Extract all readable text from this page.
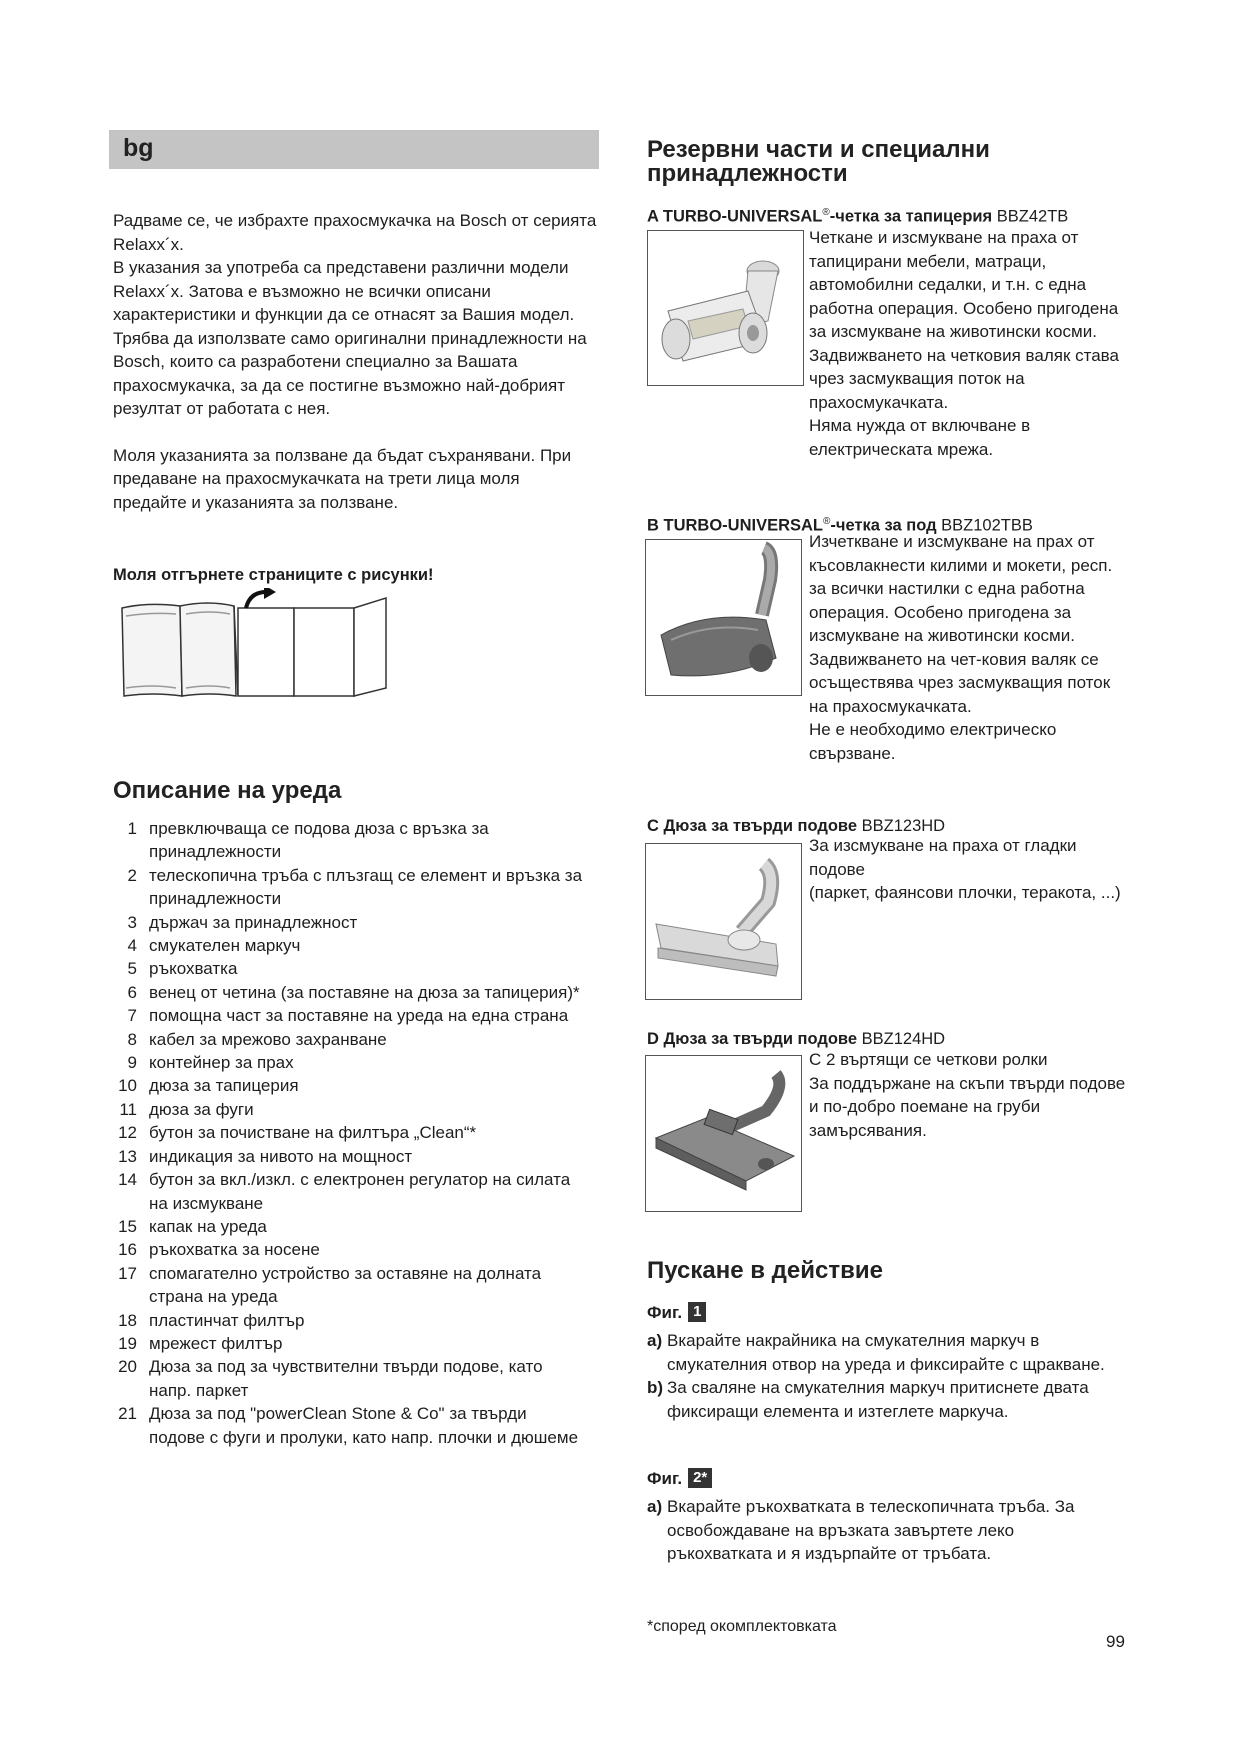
bg

Радваме се, че избрахте прахосмукачка на Bosch от серията Relaxx´x.

В указания за употреба са представени различни модели Relaxx´x. Затова е възможно не всички описани характеристики и функции да се отнасят за Вашия модел. Трябва да използвате само оригинални принадлежности на Bosch, които са разработени специално за Вашата прахосмукачка, за да се постигне възможно най-добрият резултат от работата с нея.

Моля указанията за ползване да бъдат съхранявани. При предаване на прахосмукачката на трети лица моля предайте и указанията за ползване.

Моля отгърнете страниците с рисунки!
Описание на уреда
1 превключваща се подова дюза с връзка за принадлежности
2 телескопична тръба с плъзгащ се елемент и връзка за принадлежности
3 държач за принадлежност
4 смукателен маркуч
5 ръкохватка
6 венец от четина (за поставяне на дюза за тапицерия)*
7 помощна част за поставяне на уреда на една страна
8 кабел за мрежово захранване
9 контейнер за прах
10 дюза за тапицерия
11 дюза за фуги
12 бутон за почистване на филтъра „Clean“*
13 индикация за нивото на мощност
14 бутон за вкл./изкл. с електронен регулатор на силата на изсмукване
15 капак на уреда
16 ръкохватка за носене
17 спомагателно устройство за оставяне на долната страна на уреда
18 пластинчат филтър
19 мрежест филтър
20 Дюза за под за чувствителни твърди подове, като напр. паркет
21 Дюза за под "powerClean Stone & Co" за твърди подове с фуги и пролуки, като напр. плочки и дюшеме
Резервни части и специални
принадлежности
A TURBO-UNIVERSAL®-четка за тапицерия BBZ42TB

Четкане и изсмукване на праха от тапицирани мебели, матраци, автомобилни седалки, и т.н. с една работна операция. Особено пригодена за изсмукване на животински косми. Задвижването на четковия валяк става чрез засмукващия поток на прахосмукачката.

Няма нужда от включване в електрическата мрежа.

B TURBO-UNIVERSAL®-четка за под BBZ102TBB

Изчеткване и изсмукване на прах от късовлакнести килими и мокети, респ. за всички настилки с една работна операция. Особено пригодена за изсмукване на животински косми. Задвижването на чет-ковия валяк се осъществява чрез засмукващия поток на прахосмукачката.

Не е необходимо електрическо свързване.

C Дюза за твърди подове BBZ123HD

За изсмукване на праха от гладки подове

(паркет, фаянсови плочки, теракота, ...)

D Дюза за твърди подове BBZ124HD

С 2 въртящи се четкови ролки

За поддържане на скъпи твърди подове и по-добро поемане на груби замърсявания.

Пускане в действие
Фиг. 1
a) Вкарайте накрайника на смукателния маркуч в смукателния отвор на уреда и фиксирайте с щракване.
b) За сваляне на смукателния маркуч притиснете двата фиксиращи елемента и изтеглете маркуча.
Фиг. 2*
a) Вкарайте ръкохватката в телескопичната тръба. За освобождаване на връзката завъртете леко ръкохватката и я издърпайте от тръбата.
*според окомплектовката
99
